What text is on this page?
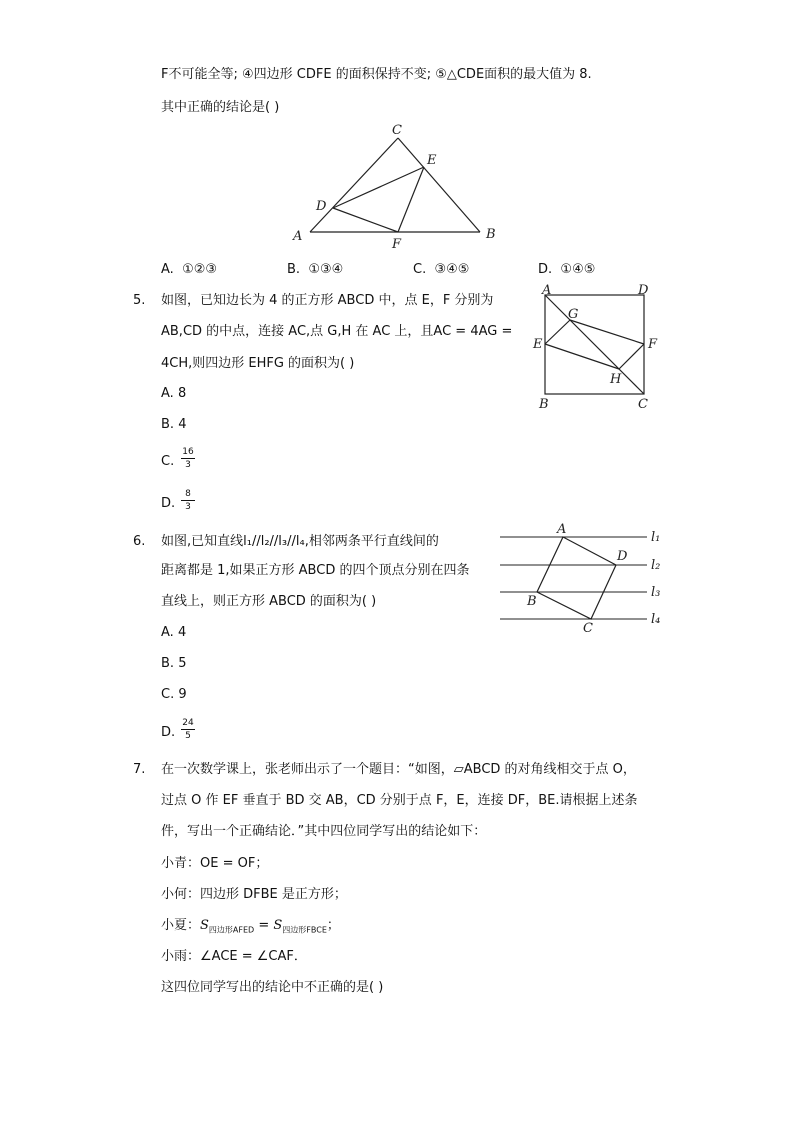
F不可能全等; ④四边形 CDFE 的面积保持不变; ⑤△CDE面积的最大值为 8.
其中正确的结论是( )
C
E
D
A
F
B
A. ①②③	B. ①③④	C. ③④⑤	D. ①④⑤
5. 如图，已知边长为 4 的正方形 ABCD 中，点 E，F 分别为
AB,CD 的中点，连接 AC,点 G,H 在 AC 上，且AC = 4AG =
4CH,则四边形 EHFG 的面积为( )
A. 8
B. 4
C.
16
3
D.
8
3
A	D
G
E	F
H
B	C
6. 如图,已知直线l₁//l₂//l₃//l₄,相邻两条平行直线间的
距离都是 1,如果正方形 ABCD 的四个顶点分别在四条
直线上，则正方形 ABCD 的面积为( )
A. 4
B. 5
C. 9
D.
24
5
A
D
B
C
l₁
l₂
l₃
l₄
7. 在一次数学课上，张老师出示了一个题目：“如图，▱ABCD 的对角线相交于点 O，
过点 O 作 EF 垂直于 BD 交 AB，CD 分别于点 F，E，连接 DF，BE.请根据上述条
件，写出一个正确结论．”其中四位同学写出的结论如下：
小青：OE = OF；
小何：四边形 DFBE 是正方形；
小夏：$S_{四边形AFED} = S_{四边形FBCE}$；
小雨：∠ACE = ∠CAF．
这四位同学写出的结论中不正确的是( )
